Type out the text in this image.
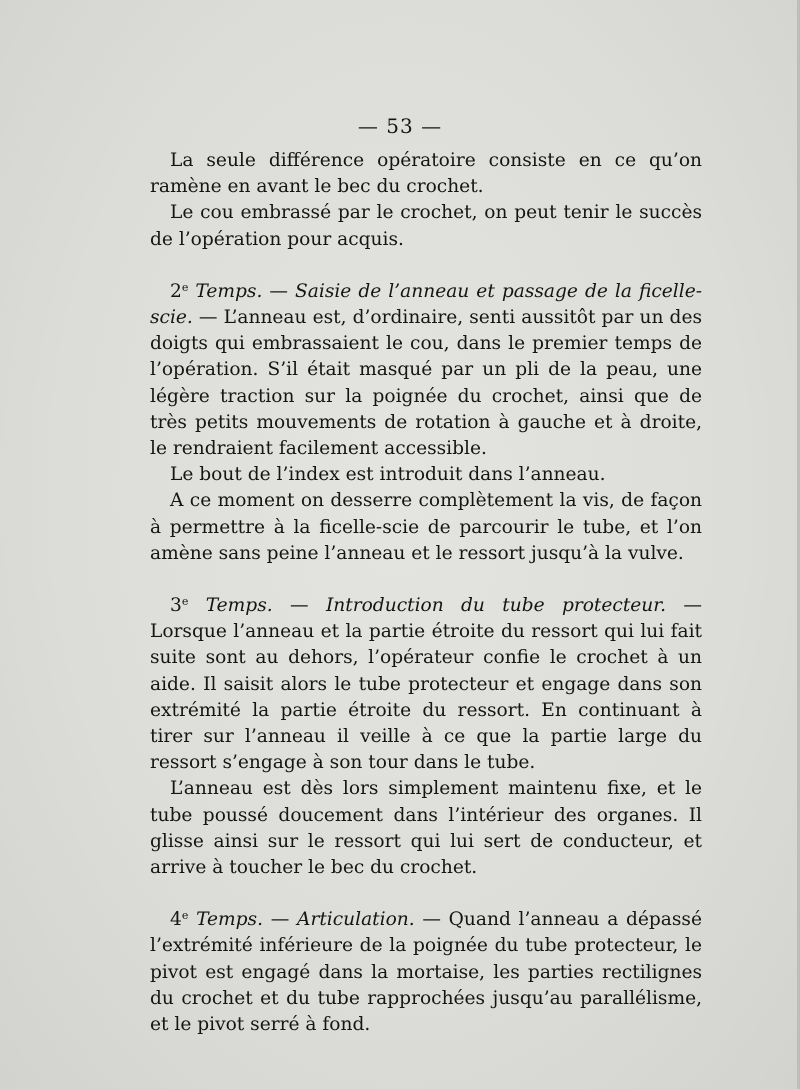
— 53 —

La seule différence opératoire consiste en ce qu’on ramène en avant le bec du crochet.

Le cou embrassé par le crochet, on peut tenir le succès de l’opération pour acquis.

2e Temps. — Saisie de l’anneau et passage de la ficelle-scie. — L’anneau est, d’ordinaire, senti aussitôt par un des doigts qui embrassaient le cou, dans le premier temps de l’opération. S’il était masqué par un pli de la peau, une légère traction sur la poignée du crochet, ainsi que de très petits mouvements de rotation à gauche et à droite, le rendraient facilement accessible.

Le bout de l’index est introduit dans l’anneau.

A ce moment on desserre complètement la vis, de façon à permettre à la ficelle-scie de parcourir le tube, et l’on amène sans peine l’anneau et le ressort jusqu’à la vulve.

3e Temps. — Introduction du tube protecteur. — Lorsque l’anneau et la partie étroite du ressort qui lui fait suite sont au dehors, l’opérateur confie le crochet à un aide. Il saisit alors le tube protecteur et engage dans son extrémité la partie étroite du ressort. En continuant à tirer sur l’anneau il veille à ce que la partie large du ressort s’engage à son tour dans le tube.

L’anneau est dès lors simplement maintenu fixe, et le tube poussé doucement dans l’intérieur des organes. Il glisse ainsi sur le ressort qui lui sert de conducteur, et arrive à toucher le bec du crochet.

4e Temps. — Articulation. — Quand l’anneau a dépassé l’extrémité inférieure de la poignée du tube protecteur, le pivot est engagé dans la mortaise, les parties rectilignes du crochet et du tube rapprochées jusqu’au parallélisme, et le pivot serré à fond.
